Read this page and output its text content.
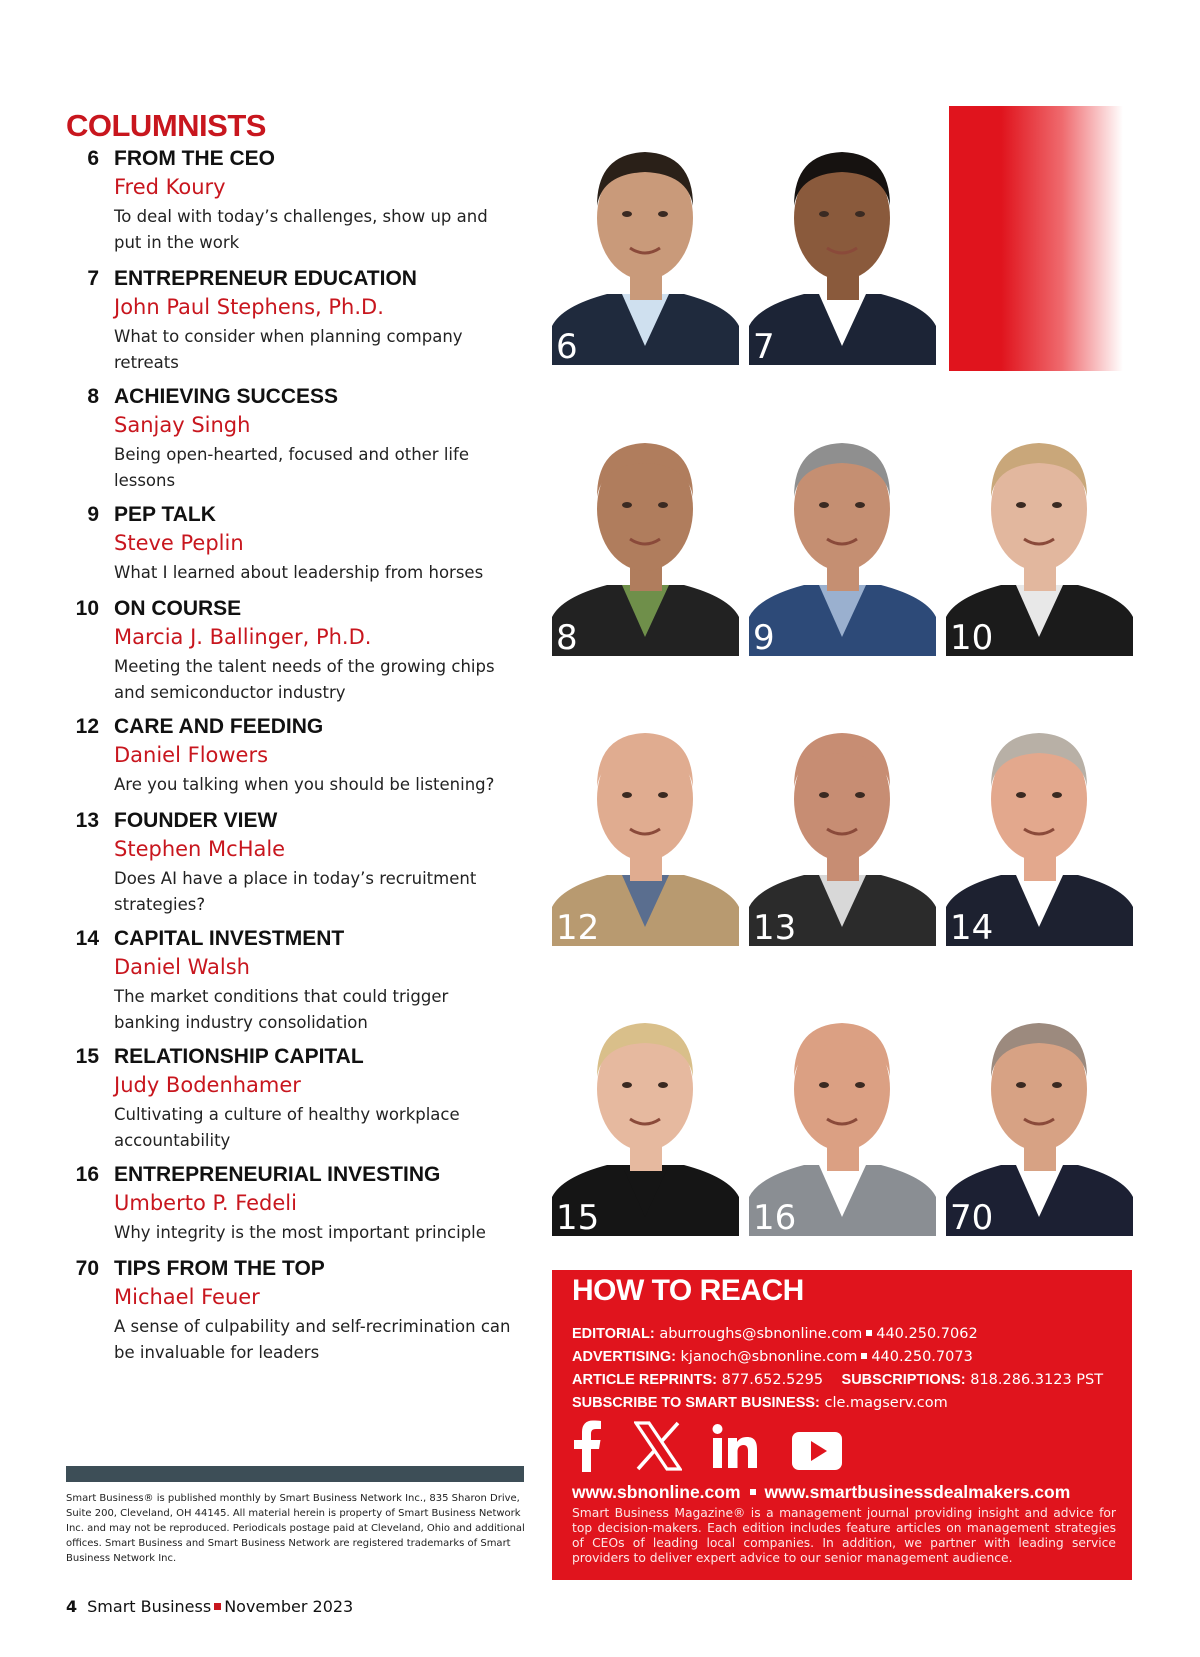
COLUMNISTS
6 FROM THE CEO
Fred Koury
To deal with today’s challenges, show up and put in the work
7 ENTREPRENEUR EDUCATION
John Paul Stephens, Ph.D.
What to consider when planning company retreats
8 ACHIEVING SUCCESS
Sanjay Singh
Being open-hearted, focused and other life lessons
9 PEP TALK
Steve Peplin
What I learned about leadership from horses
10 ON COURSE
Marcia J. Ballinger, Ph.D.
Meeting the talent needs of the growing chips and semiconductor industry
12 CARE AND FEEDING
Daniel Flowers
Are you talking when you should be listening?
13 FOUNDER VIEW
Stephen McHale
Does AI have a place in today’s recruitment strategies?
14 CAPITAL INVESTMENT
Daniel Walsh
The market conditions that could trigger banking industry consolidation
15 RELATIONSHIP CAPITAL
Judy Bodenhamer
Cultivating a culture of healthy workplace accountability
16 ENTREPRENEURIAL INVESTING
Umberto P. Fedeli
Why integrity is the most important principle
70 TIPS FROM THE TOP
Michael Feuer
A sense of culpability and self-recrimination can be invaluable for leaders
6	7
8	9	10
12	13	14
15	16	70
Smart Business® is published monthly by Smart Business Network Inc., 835 Sharon Drive, Suite 200, Cleveland, OH 44145. All material herein is property of Smart Business Network Inc. and may not be reproduced. Periodicals postage paid at Cleveland, Ohio and additional offices. Smart Business and Smart Business Network are registered trademarks of Smart Business Network Inc.
4 Smart Business November 2023
HOW TO REACH
EDITORIAL: aburroughs@sbnonline.com 440.250.7062
ADVERTISING: kjanoch@sbnonline.com 440.250.7073
ARTICLE REPRINTS: 877.652.5295 SUBSCRIPTIONS: 818.286.3123 PST
SUBSCRIBE TO SMART BUSINESS: cle.magserv.com
www.sbnonline.com www.smartbusinessdealmakers.com
Smart Business Magazine® is a management journal providing insight and advice for top decision-makers. Each edition includes feature articles on management strategies of CEOs of leading local companies. In addition, we partner with leading service providers to deliver expert advice to our senior management audience.
